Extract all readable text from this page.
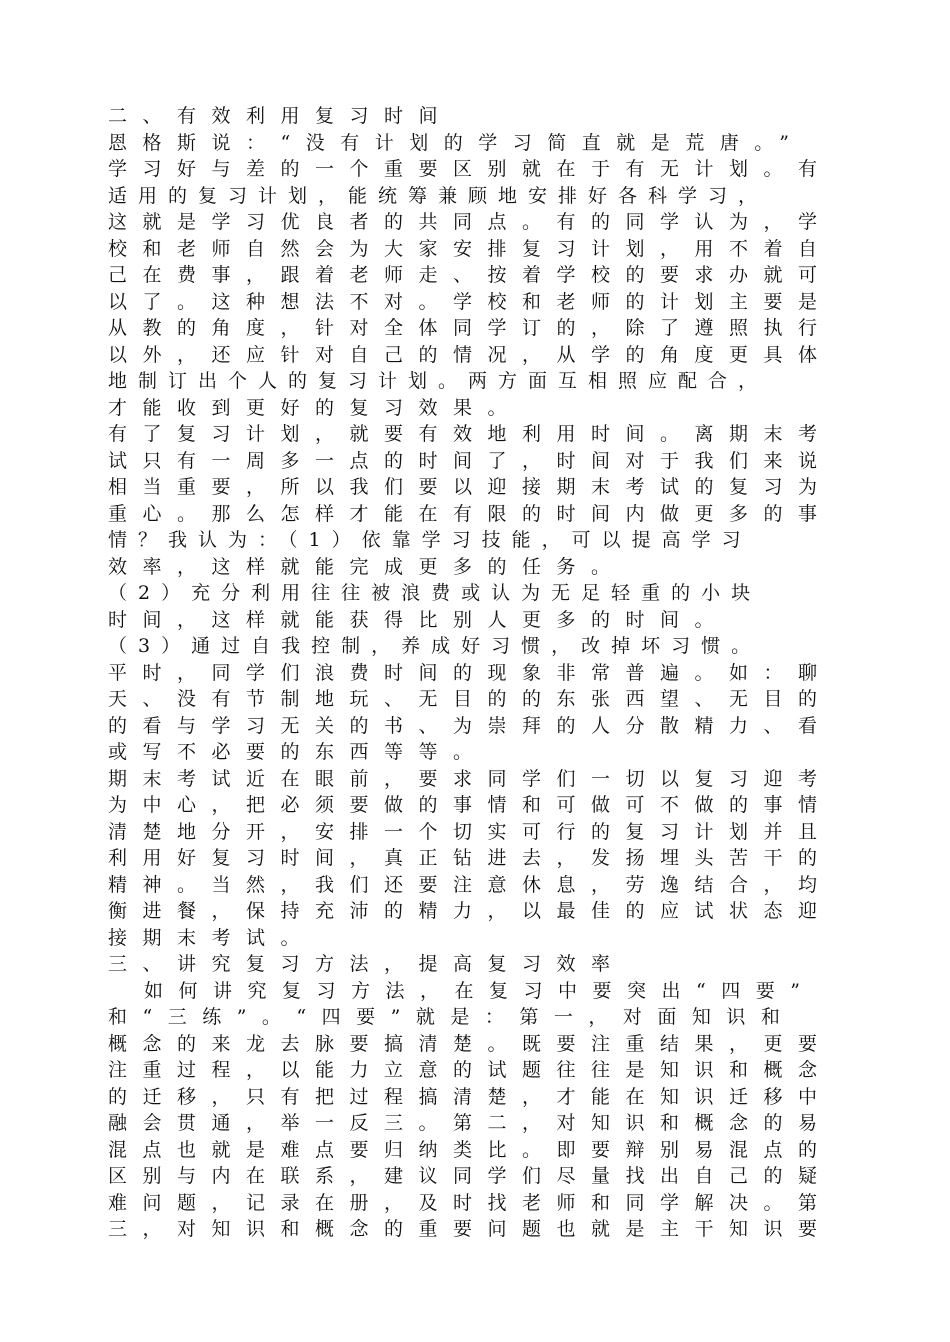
二、有效利用复习时间
恩格斯说：“没有计划的学习简直就是荒唐。”
学习好与差的一个重要区别就在于有无计划。有
适用的复习计划，能统筹兼顾地安排好各科学习，
这就是学习优良者的共同点。有的同学认为，学
校和老师自然会为大家安排复习计划，用不着自
己在费事，跟着老师走、按着学校的要求办就可
以了。这种想法不对。学校和老师的计划主要是
从教的角度，针对全体同学订的，除了遵照执行
以外，还应针对自己的情况，从学的角度更具体
地制订出个人的复习计划。两方面互相照应配合，
才能收到更好的复习效果。
有了复习计划，就要有效地利用时间。离期末考
试只有一周多一点的时间了，时间对于我们来说
相当重要，所以我们要以迎接期末考试的复习为
重心。那么怎样才能在有限的时间内做更多的事
情？我认为：（1）依靠学习技能，可以提高学习
效率，这样就能完成更多的任务。
（2）充分利用往往被浪费或认为无足轻重的小块
时间，这样就能获得比别人更多的时间。
（3）通过自我控制，养成好习惯，改掉坏习惯。
平时，同学们浪费时间的现象非常普遍。如：聊
天、没有节制地玩、无目的的东张西望、无目的
的看与学习无关的书、为崇拜的人分散精力、看
或写不必要的东西等等。
期末考试近在眼前，要求同学们一切以复习迎考
为中心，把必须要做的事情和可做可不做的事情
清楚地分开，安排一个切实可行的复习计划并且
利用好复习时间，真正钻进去，发扬埋头苦干的
精神。当然，我们还要注意休息，劳逸结合，均
衡进餐，保持充沛的精力，以最佳的应试状态迎
接期末考试。
三、讲究复习方法，提高复习效率
如何讲究复习方法，在复习中要突出“四要”
和“三练”。“四要”就是：第一，对面知识和
概念的来龙去脉要搞清楚。既要注重结果，更要
注重过程，以能力立意的试题往往是知识和概念
的迁移，只有把过程搞清楚，才能在知识迁移中
融会贯通，举一反三。第二，对知识和概念的易
混点也就是难点要归纳类比。即要辩别易混点的
区别与内在联系，建议同学们尽量找出自己的疑
难问题，记录在册，及时找老师和同学解决。第
三，对知识和概念的重要问题也就是主干知识要
